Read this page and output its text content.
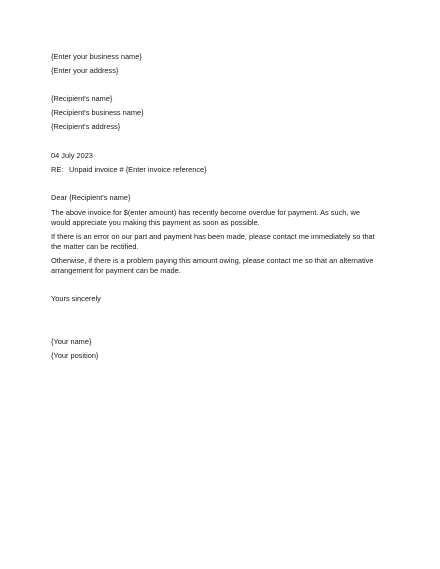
{Enter your business name}
{Enter your address}
{Recipient's name}
{Recipient's business name}
{Recipient's address}
04 July 2023
RE: Unpaid invoice # {Enter invoice reference}
Dear {Recipient's name}
The above invoice for $(enter amount) has recently become overdue for payment. As such, we would appreciate you making this payment as soon as possible.
If there is an error on our part and payment has been made, please contact me immediately so that the matter can be rectified.
Otherwise, if there is a problem paying this amount owing, please contact me so that an alternative arrangement for payment can be made.
Yours sincerely
{Your name}
{Your position}
